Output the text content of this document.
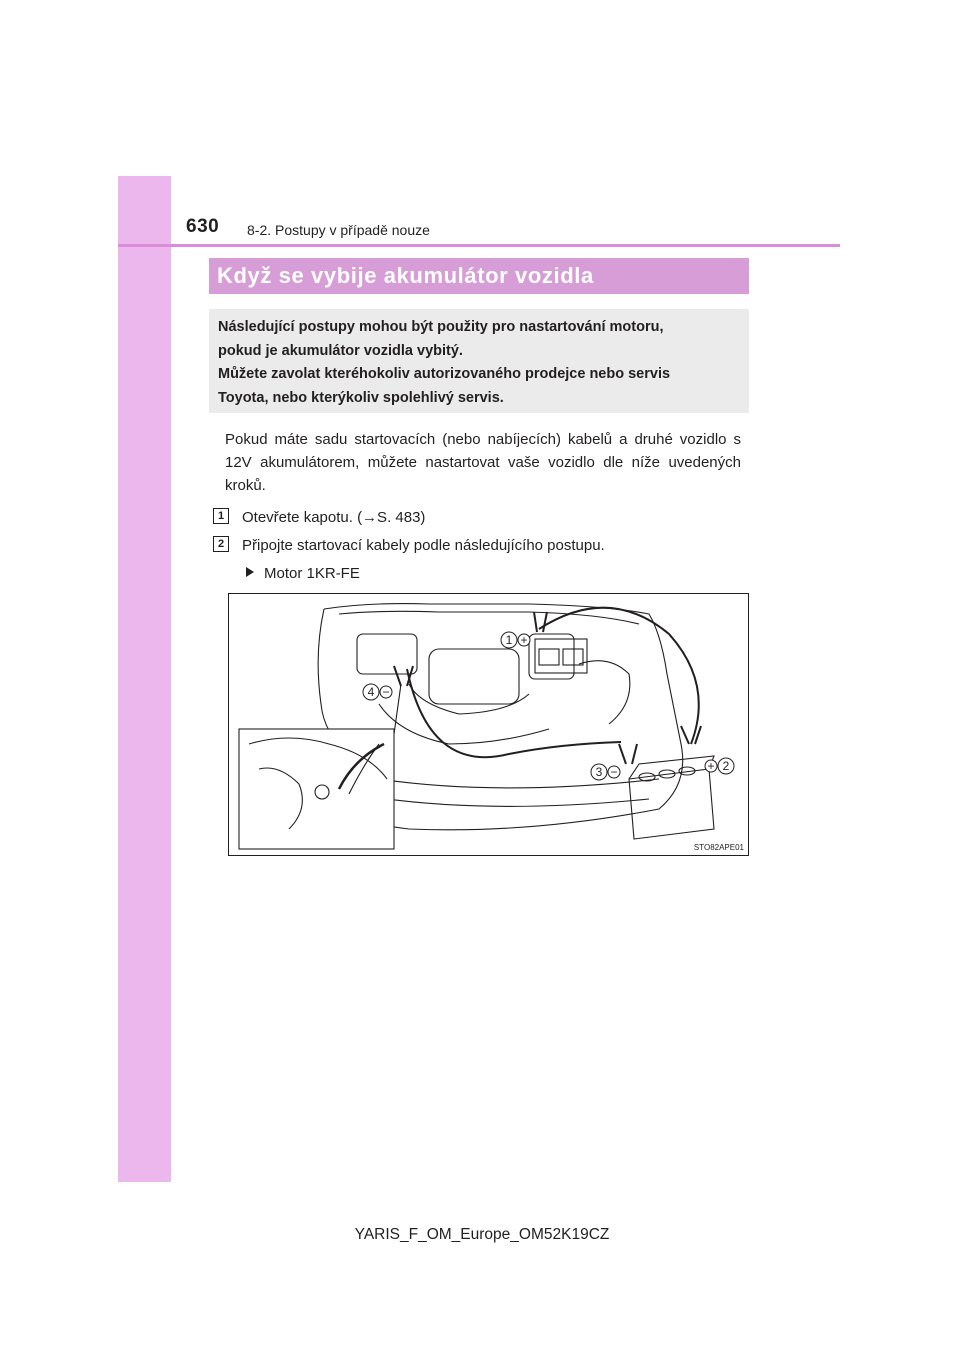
630 8-2. Postupy v případě nouze
Když se vybije akumulátor vozidla
Následující postupy mohou být použity pro nastartování motoru,
pokud je akumulátor vozidla vybitý.
Můžete zavolat kteréhokoliv autorizovaného prodejce nebo servis
Toyota, nebo kterýkoliv spolehlivý servis.
Pokud máte sadu startovacích (nebo nabíjecích) kabelů a druhé vozidlo s 12V akumulátorem, můžete nastartovat vaše vozidlo dle níže uvedených kroků.
1	Otevřete kapotu. (→S. 483)
2	Připojte startovací kabely podle následujícího postupu.
Motor 1KR-FE
1 +
2
+
3 −
4 −
STO82APE01
YARIS_F_OM_Europe_OM52K19CZ
